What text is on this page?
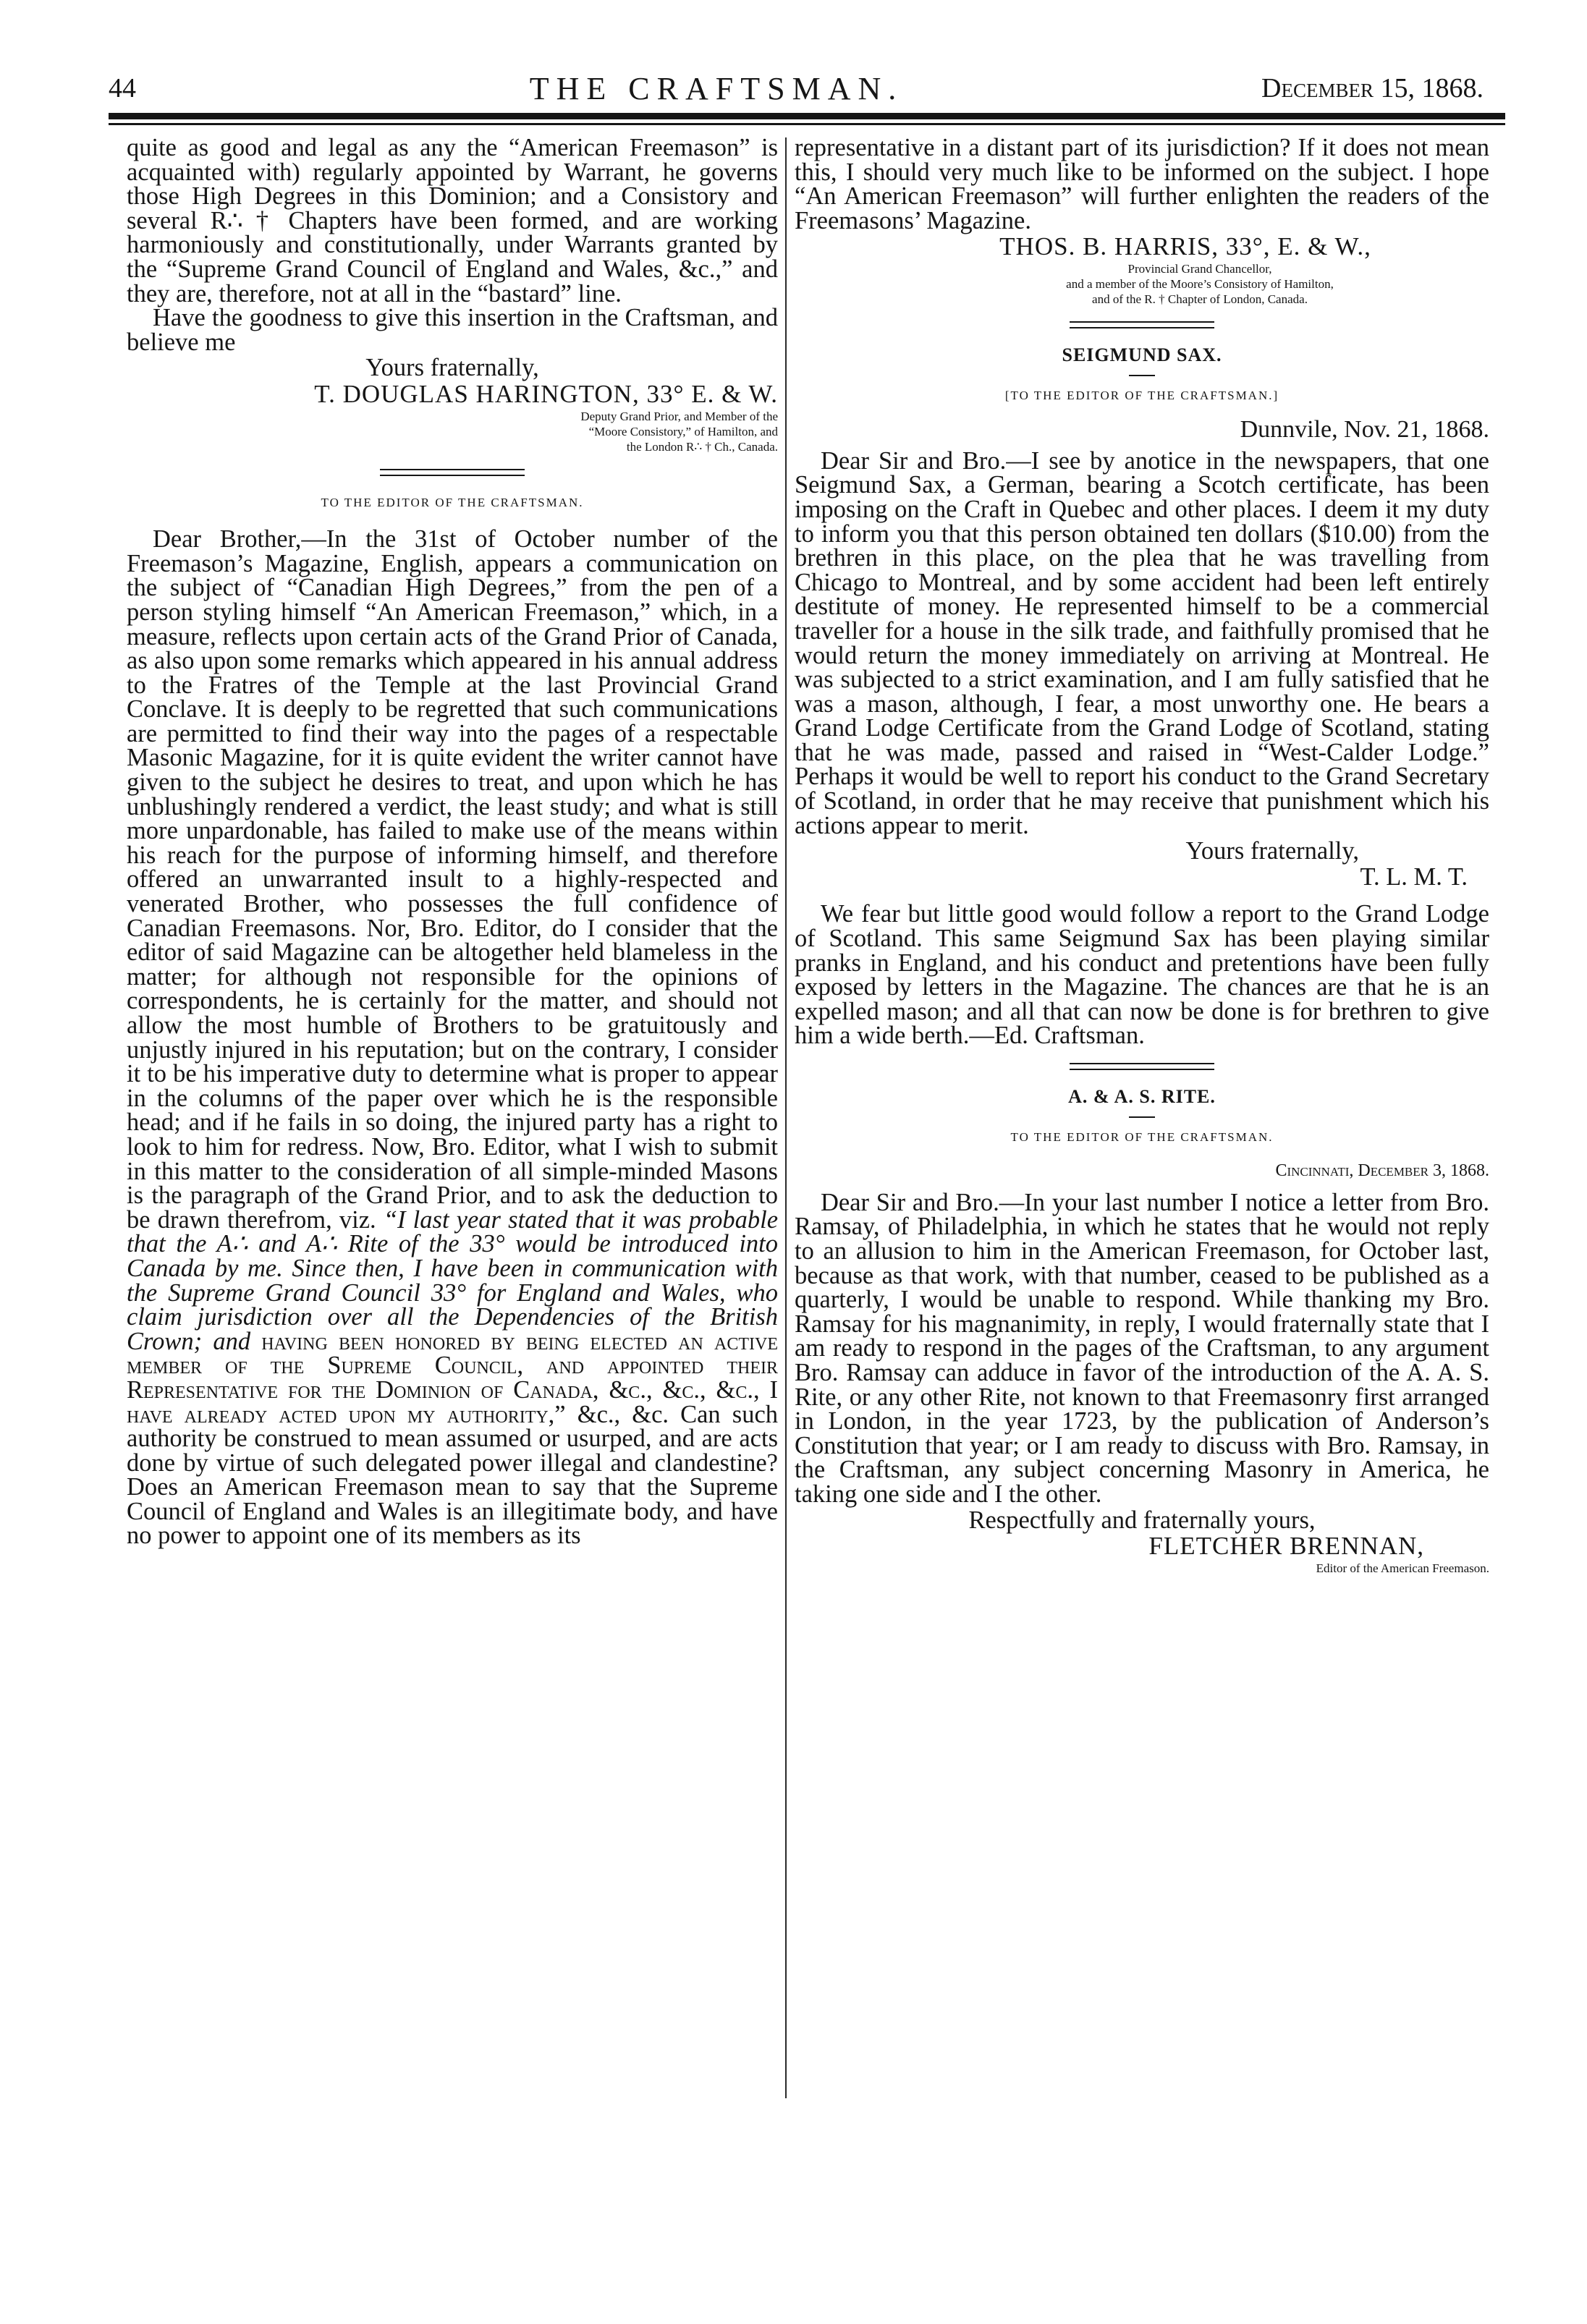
44	THE CRAFTSMAN.	December 15, 1868.

quite as good and legal as any the “American Freemason” is acquainted with) regularly appointed by Warrant, he governs those High Degrees in this Dominion; and a Consistory and several R∴ † Chapters have been formed, and are working harmoniously and constitutionally, under Warrants granted by the “Supreme Grand Council of England and Wales, &c.,” and they are, therefore, not at all in the “bastard” line.

Have the goodness to give this insertion in the Craftsman, and believe me

Yours fraternally,
T. DOUGLAS HARINGTON, 33° E. & W.
Deputy Grand Prior, and Member of the
“Moore Consistory,” of Hamilton, and
the London R∴ † Ch., Canada.
TO THE EDITOR OF THE CRAFTSMAN.

Dear Brother,—In the 31st of October number of the Freemason’s Magazine, English, appears a communication on the subject of “Canadian High Degrees,” from the pen of a person styling himself “An American Freemason,” which, in a measure, reflects upon certain acts of the Grand Prior of Canada, as also upon some remarks which appeared in his annual address to the Fratres of the Temple at the last Provincial Grand Conclave. It is deeply to be regretted that such communications are permitted to find their way into the pages of a respectable Masonic Magazine, for it is quite evident the writer cannot have given to the subject he desires to treat, and upon which he has unblushingly rendered a verdict, the least study; and what is still more unpardonable, has failed to make use of the means within his reach for the purpose of informing himself, and therefore offered an unwarranted insult to a highly-respected and venerated Brother, who possesses the full confidence of Canadian Freemasons. Nor, Bro. Editor, do I consider that the editor of said Magazine can be altogether held blameless in the matter; for although not responsible for the opinions of correspondents, he is certainly for the matter, and should not allow the most humble of Brothers to be gratuitously and unjustly injured in his reputation; but on the contrary, I consider it to be his imperative duty to determine what is proper to appear in the columns of the paper over which he is the responsible head; and if he fails in so doing, the injured party has a right to look to him for redress. Now, Bro. Editor, what I wish to submit in this matter to the consideration of all simple-minded Masons is the paragraph of the Grand Prior, and to ask the deduction to be drawn therefrom, viz. “I last year stated that it was probable that the A∴ and A∴ Rite of the 33° would be introduced into Canada by me. Since then, I have been in communication with the Supreme Grand Council 33° for England and Wales, who claim jurisdiction over all the Dependencies of the British Crown; and having been honored by being elected an active member of the Supreme Council, and appointed their Representative for the Dominion of Canada, &c., &c., &c., I have already acted upon my authority,” &c., &c. Can such authority be construed to mean assumed or usurped, and are acts done by virtue of such delegated power illegal and clandestine? Does an American Freemason mean to say that the Supreme Council of England and Wales is an illegitimate body, and have no power to appoint one of its members as its

representative in a distant part of its jurisdiction? If it does not mean this, I should very much like to be informed on the subject. I hope “An American Freemason” will further enlighten the readers of the Freemasons’ Magazine.

THOS. B. HARRIS, 33°, E. & W.,
Provincial Grand Chancellor,
and a member of the Moore’s Consistory of Hamilton,
and of the R. † Chapter of London, Canada.
SEIGMUND SAX.
[TO THE EDITOR OF THE CRAFTSMAN.]
Dunnvile, Nov. 21, 1868.

Dear Sir and Bro.—I see by anotice in the newspapers, that one Seigmund Sax, a German, bearing a Scotch certificate, has been imposing on the Craft in Quebec and other places. I deem it my duty to inform you that this person obtained ten dollars ($10.00) from the brethren in this place, on the plea that he was travelling from Chicago to Montreal, and by some accident had been left entirely destitute of money. He represented himself to be a commercial traveller for a house in the silk trade, and faithfully promised that he would return the money immediately on arriving at Montreal. He was subjected to a strict examination, and I am fully satisfied that he was a mason, although, I fear, a most unworthy one. He bears a Grand Lodge Certificate from the Grand Lodge of Scotland, stating that he was made, passed and raised in “West-Calder Lodge.” Perhaps it would be well to report his conduct to the Grand Secretary of Scotland, in order that he may receive that punishment which his actions appear to merit.

Yours fraternally,
T. L. M. T.

We fear but little good would follow a report to the Grand Lodge of Scotland. This same Seigmund Sax has been playing similar pranks in England, and his conduct and pretentions have been fully exposed by letters in the Magazine. The chances are that he is an expelled mason; and all that can now be done is for brethren to give him a wide berth.—Ed. Craftsman.

A. & A. S. RITE.
TO THE EDITOR OF THE CRAFTSMAN.
Cincinnati, December 3, 1868.

Dear Sir and Bro.—In your last number I notice a letter from Bro. Ramsay, of Philadelphia, in which he states that he would not reply to an allusion to him in the American Freemason, for October last, because as that work, with that number, ceased to be published as a quarterly, I would be unable to respond. While thanking my Bro. Ramsay for his magnanimity, in reply, I would fraternally state that I am ready to respond in the pages of the Craftsman, to any argument Bro. Ramsay can adduce in favor of the introduction of the A. A. S. Rite, or any other Rite, not known to that Freemasonry first arranged in London, in the year 1723, by the publication of Anderson’s Constitution that year; or I am ready to discuss with Bro. Ramsay, in the Craftsman, any subject concerning Masonry in America, he taking one side and I the other.

Respectfully and fraternally yours,
FLETCHER BRENNAN,
Editor of the American Freemason.
